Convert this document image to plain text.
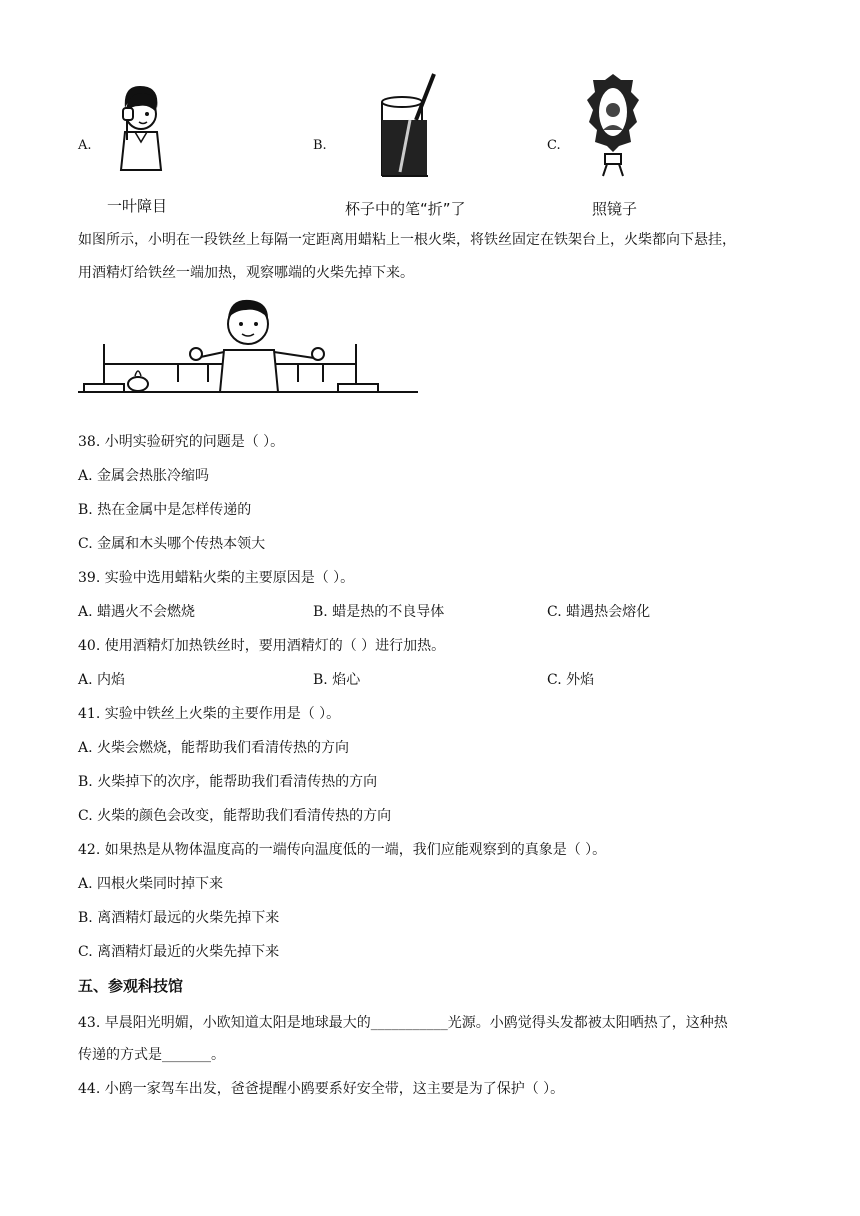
A.
一叶障目
B.
杯子中的笔“折”了
C.
照镜子
如图所示，小明在一段铁丝上每隔一定距离用蜡粘上一根火柴，将铁丝固定在铁架台上，火柴都向下悬挂，
用酒精灯给铁丝一端加热，观察哪端的火柴先掉下来。
38. 小明实验研究的问题是（ ）。
A. 金属会热胀冷缩吗
B. 热在金属中是怎样传递的
C. 金属和木头哪个传热本领大
39. 实验中选用蜡粘火柴的主要原因是（ ）。
A. 蜡遇火不会燃烧	B. 蜡是热的不良导体	C. 蜡遇热会熔化
40. 使用酒精灯加热铁丝时，要用酒精灯的（ ）进行加热。
A. 内焰	B. 焰心	C. 外焰
41. 实验中铁丝上火柴的主要作用是（ ）。
A. 火柴会燃烧，能帮助我们看清传热的方向
B. 火柴掉下的次序，能帮助我们看清传热的方向
C. 火柴的颜色会改变，能帮助我们看清传热的方向
42. 如果热是从物体温度高的一端传向温度低的一端，我们应能观察到的真象是（ ）。
A. 四根火柴同时掉下来
B. 离酒精灯最远的火柴先掉下来
C. 离酒精灯最近的火柴先掉下来
五、参观科技馆
43. 早晨阳光明媚，小欧知道太阳是地球最大的___________光源。小鸥觉得头发都被太阳晒热了，这种热
传递的方式是_______。
44. 小鸥一家驾车出发，爸爸提醒小鸥要系好安全带，这主要是为了保护（ ）。
